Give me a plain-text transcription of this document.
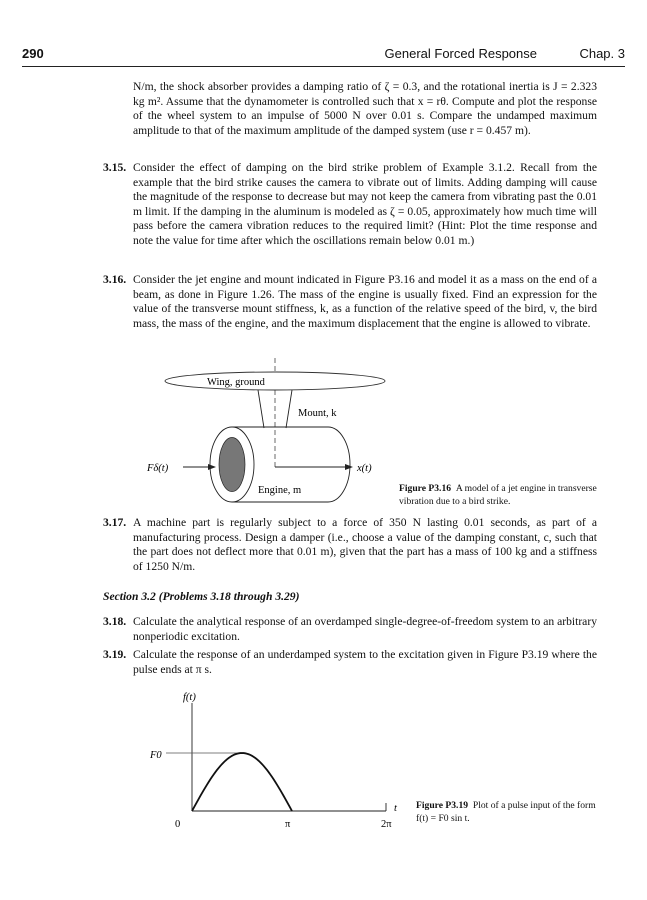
290	General Forced Response	Chap. 3

N/m, the shock absorber provides a damping ratio of ζ = 0.3, and the rotational inertia is J = 2.323 kg m². Assume that the dynamometer is controlled such that x = rθ. Compute and plot the response of the wheel system to an impulse of 5000 N over 0.01 s. Compare the undamped maximum amplitude to that of the maximum amplitude of the damped system (use r = 0.457 m).

3.15. Consider the effect of damping on the bird strike problem of Example 3.1.2. Recall from the example that the bird strike causes the camera to vibrate out of limits. Adding damping will cause the magnitude of the response to decrease but may not keep the camera from vibrating past the 0.01 m limit. If the damping in the aluminum is modeled as ζ = 0.05, approximately how much time will pass before the camera vibration reduces to the required limit? (Hint: Plot the time response and note the value for time after which the oscillations remain below 0.01 m.)
3.16. Consider the jet engine and mount indicated in Figure P3.16 and model it as a mass on the end of a beam, as done in Figure 1.26. The mass of the engine is usually fixed. Find an expression for the value of the transverse mount stiffness, k, as a function of the relative speed of the bird, v, the bird mass, the mass of the engine, and the maximum displacement that the engine is allowed to vibrate.
Wing, ground
Mount, k
Fδ(t)
Engine, m
x(t)
Figure P3.16 A model of a jet engine in transverse vibration due to a bird strike.
3.17. A machine part is regularly subject to a force of 350 N lasting 0.01 seconds, as part of a manufacturing process. Design a damper (i.e., choose a value of the damping constant, c, such that the part does not deflect more that 0.01 m), given that the part has a mass of 100 kg and a stiffness of 1250 N/m.
Section 3.2 (Problems 3.18 through 3.29)
3.18. Calculate the analytical response of an overdamped single-degree-of-freedom system to an arbitrary nonperiodic excitation.
3.19. Calculate the response of an underdamped system to the excitation given in Figure P3.19 where the pulse ends at π s.
f(t)
F0
t
0	π	2π
Figure P3.19 Plot of a pulse input of the form f(t) = F0 sin t.
